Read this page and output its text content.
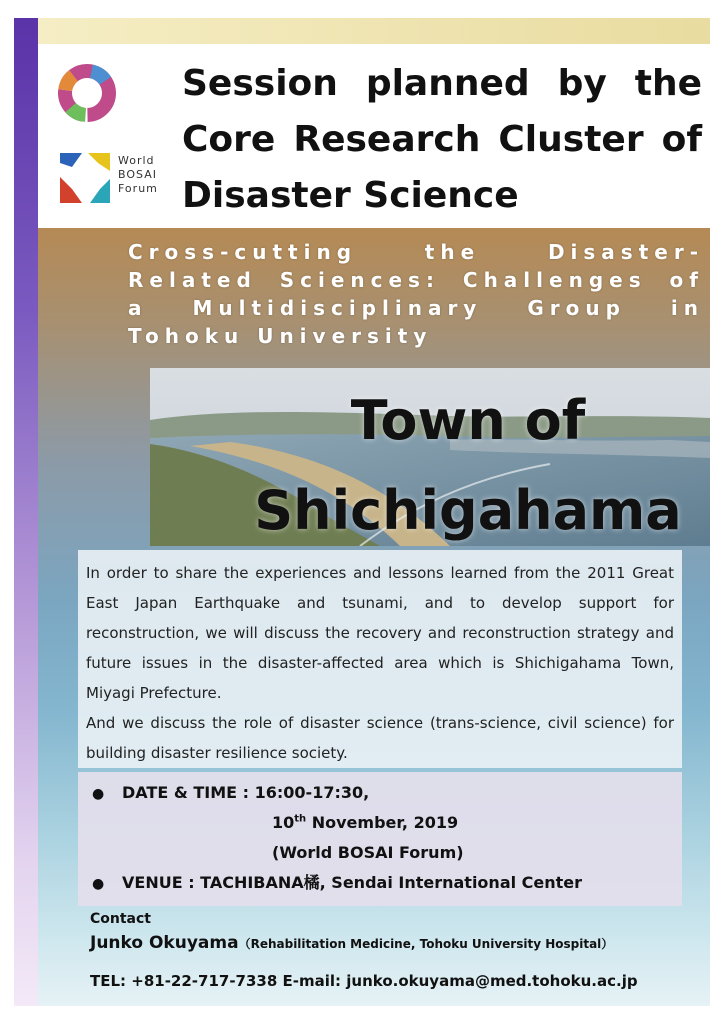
World
BOSAI
Forum
Session planned by the Core Research Cluster of Disaster Science
Cross-cutting the Disaster-Related Sciences: Challenges of a Multidisciplinary Group in Tohoku University
Town of
Shichigahama

In order to share the experiences and lessons learned from the 2011 Great East Japan Earthquake and tsunami, and to develop support for reconstruction, we will discuss the recovery and reconstruction strategy and future issues in the disaster-affected area which is Shichigahama Town, Miyagi Prefecture.

And we discuss the role of disaster science (trans-science, civil science) for building disaster resilience society.

● DATE & TIME : 16:00-17:30,
10th November, 2019
(World BOSAI Forum)
● VENUE : TACHIBANA橘, Sendai International Center
Contact
Junko Okuyama（Rehabilitation Medicine, Tohoku University Hospital）
TEL: +81-22-717-7338 E-mail: junko.okuyama@med.tohoku.ac.jp
